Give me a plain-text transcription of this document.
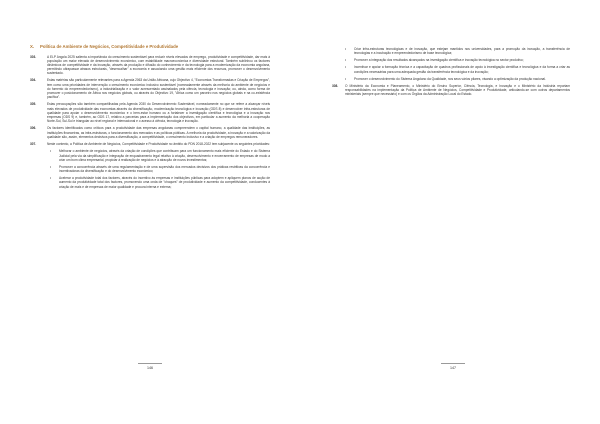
X. Política de Ambiente de Negócios, Competitividade e Produtividade
303.	A ELP Angola 2025 salienta a importância do crescimento sustentável para reduzir níveis elevados de emprego, produtividade e competitividade, dar mais à população um maior elevado de desenvolvimento económico, com estabilidade macroeconómica e diversidade estrutural. Também sublinhou os factores dinâmicos de competitividade e da inovação, através da produção e difusão do conhecimento e da tecnologia para a modernização da economia angolana, permitindo ultrapassar atrasos estruturais, "desencalhar" a economia e associando uma gestão mais eficiente dos recursos, promover o desenvolvimento sustentado.
304.	Estas matérias são particularmente relevantes para a Agenda 2063 da União Africana, cujo Objectivo 4, "Economias Transformadas e Criação de Empregos", tem como uma prioridades de intervenção o crescimento económico inclusivo sustentável (nomeadamente através da melhoria do ambiente de negócios e do fomento do empreendedorismo), a industrialização e o valor acrescentado assinalados pela ciência, tecnologia e inovação; ou, ainda, como forma de promover o posicionamento de África nos negócios globais, ou através do Objectivo 19, "África como um parceiro nos negócios globais e na co-existência pacífica".
305.	Estas preocupações são também compartilhadas pela Agenda 2030 do Desenvolvimento Sustentável, nomeadamente no que se refere a alcançar níveis mais elevados de produtividade das economias através da diversificação, modernização tecnológica e inovação (ODS 8) e desenvolver infra-estruturas de qualidade para apoiar o desenvolvimento económico e o bem-estar humano ou a fortalecer a investigação científica e tecnológica e a inovação nos empresas (ODS 9) e, também, ao ODS 17, relativo a parcerias para a implementação dos objectivos, em particular a aumento da melhoria a cooperação Norte-Sul, Sul-Sul e triangular ao nível regional e internacional e o acesso à ciência, tecnologia e inovação.
306.	Os factores identificados como críticos para a produtividade das empresas angolanas compreendem o capital humano, a qualidade das instituições, as instituições financeiras, as infra-estruturas, o funcionamento dos mercados e as políticas públicas. A melhoria da produtividade, a inovação e a valorização da qualidade são, assim, elementos decisivos para a diversificação, a competitividade, o crescimento inclusivo e a criação de empregos remuneradores.
307.	Neste contexto, a Política de Ambiente de Negócios, Competitividade e Produtividade no âmbito do PDN 2018-2022 tem subjacente os seguintes prioridades:
• Melhorar o ambiente de negócios, através da criação de condições que contribuam para um funcionamento mais eficiente do Estado e do Sistema Judicial pela via da simplificação e integração de enquadramento legal relativo à criação, desenvolvimento e encerramento de empresas de modo a criar um bom clima empresarial, propiciar à realização de negócios e à atracção de novos investimentos;
• Promover a concorrência através de uma regulamentação e de uma supervisão dos mercados decisivos dos práticas restritivas da concorrência e incentivadoras da diversificação e do desenvolvimento económico;
• Acelerar a produtividade total dos factores, através do incentivo às empresas e instituições públicas para adoptem e apliquem planos de acção de aumento da produtividade total dos factores, promovendo uma onda de "choques" de produtividade e aumento da competitividade, conducentes à criação de mais e de empresas de maior qualidade e procura interna e externa;
146
• Criar infra-estruturas tecnológicas e de inovação, que estejam mantidos nos universidades, para a promoção da inovação, a transferência de tecnologias e a incubação e empreendedorismo de base tecnológica;
• Promover a integração dos resultados alcançados na investigação científica e inovação tecnológica no sector produtivo;
• Incentivar e apoiar a formação técnica e a capacitação de quadros profissionais de apoio à investigação científica e tecnológica e da forma a criar as condições necessárias para uma adequada gestão da transferência tecnológica e da inovação;
• Promover o desenvolvimento do Sistema Angolano da Qualidade, nos seus vários pilares, visando a optimização da produção nacional.
308. O Ministério da Economia e Planeamento, o Ministério do Ensino Superior, Ciência, Tecnologia, e Inovação e o Ministério da Indústria reportam responsabilidades na implementação da Política de Ambiente de Negócios, Competitividade e Produtividade, articulando-se com outros departamentos ministeriais (sempre que necessário) e com os Órgãos da Administração Local do Estado.
147
